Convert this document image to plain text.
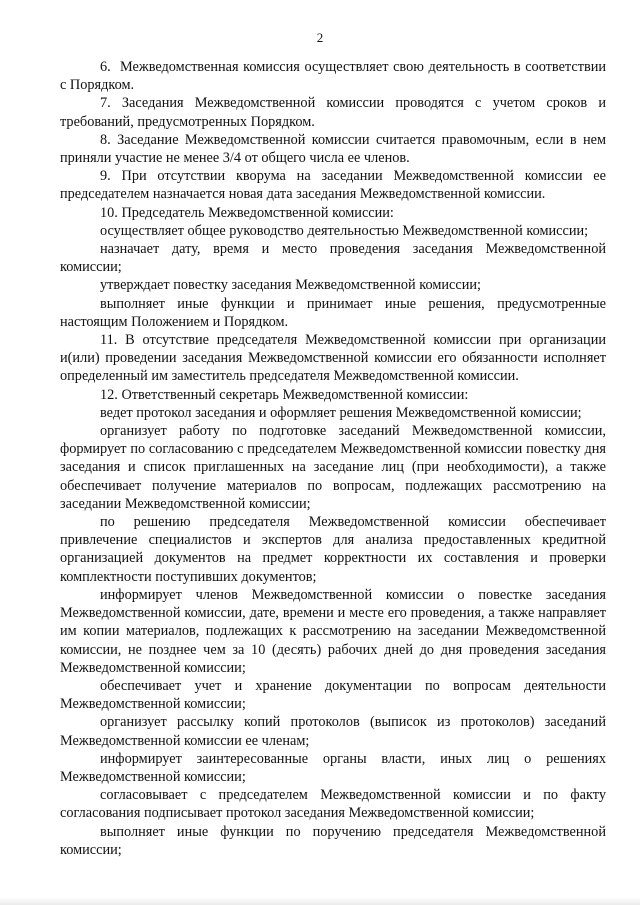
2

6.  Межведомственная комиссия осуществляет свою деятельность в соответствии с Порядком.

7. Заседания Межведомственной комиссии проводятся с учетом сроков и требований, предусмотренных Порядком.

8. Заседание Межведомственной комиссии считается правомочным, если в нем приняли участие не менее 3/4 от общего числа ее членов.

9. При отсутствии кворума на заседании Межведомственной комиссии ее председателем назначается новая дата заседания Межведомственной комиссии.

10. Председатель Межведомственной комиссии:

осуществляет общее руководство деятельностью Межведомственной комиссии;

назначает дату, время и место проведения заседания Межведомственной комиссии;

утверждает повестку заседания Межведомственной комиссии;

выполняет иные функции и принимает иные решения, предусмотренные настоящим Положением и Порядком.

11. В отсутствие председателя Межведомственной комиссии при организации и(или) проведении заседания Межведомственной комиссии его обязанности исполняет определенный им заместитель председателя Межведомственной комиссии.

12. Ответственный секретарь Межведомственной комиссии:

ведет протокол заседания и оформляет решения Межведомственной комиссии;

организует работу по подготовке заседаний Межведомственной комиссии, формирует по согласованию с председателем Межведомственной комиссии повестку дня заседания и список приглашенных на заседание лиц (при необходимости), а также обеспечивает получение материалов по вопросам, подлежащих рассмотрению на заседании Межведомственной комиссии;

по решению председателя Межведомственной комиссии обеспечивает привлечение специалистов и экспертов для анализа предоставленных кредитной организацией документов на предмет корректности их составления и проверки комплектности поступивших документов;

информирует членов Межведомственной комиссии о повестке заседания Межведомственной комиссии, дате, времени и месте его проведения, а также направляет им копии материалов, подлежащих к рассмотрению на заседании Межведомственной комиссии, не позднее чем за 10 (десять) рабочих дней до дня проведения заседания Межведомственной комиссии;

обеспечивает учет и хранение документации по вопросам деятельности Межведомственной комиссии;

организует рассылку копий протоколов (выписок из протоколов) заседаний Межведомственной комиссии ее членам;

информирует заинтересованные органы власти, иных лиц о решениях Межведомственной комиссии;

согласовывает с председателем Межведомственной комиссии и по факту согласования подписывает протокол заседания Межведомственной комиссии;

выполняет иные функции по поручению председателя Межведомственной комиссии;
